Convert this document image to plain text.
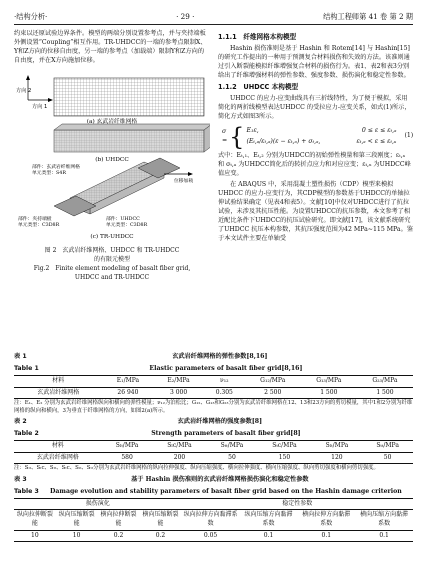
·结构分析·	· 29 ·	结构工程师第 41 卷 第 2 期

约束以还原试验边界条件。模型的两端分别设置参考点，并与夹持端板外侧设置“Coupling”相互作用。TR-UHDCC的一端的参考点限制X、Y和Z方向的位移自由度，另一端的参考点（加载端）限制Y和Z方向的自由度，并在X方向施加位移。

方向 2
方向 1
(a) 玄武岩纤维网格
(b) UHDCC
部件：玄武岩纤维网格
单元类型：S4R
部件：夹持端板
单元类型：C3D8R
部件：UHDCC
单元类型：C3D8R
位移加载
(c) TR-UHDCC
图 2　玄武岩纤维网格、UHDCC 和 TR-UHDCC
的有限元模型
Fig.2　Finite element modeling of basalt fiber grid,
UHDCC and TR-UHDCC
1.1.1　纤维网格本构模型

Hashin 损伤准则是基于 Hashin 和 Rotem[14] 与 Hashin[15] 的研究工作提出的一种用于预测复合材料损伤和失效的方法。该准则通过引入断裂能模拟纤维增强复合材料的损伤行为。表1、表2和表3分别给出了纤维增强材料的弹性参数、强度参数、损伤演化和稳定性参数。

1.1.2　UHDCC 本构模型

UHDCC 的应力-应变曲线具有三折线特性，为了便于模拟，采用简化的两折线模型表达UHDCC 的受拉应力-应变关系，如式(1)所示，简化方式如图3所示。

σ = { E₁ε,	0 ≤ ε ≤ εₜ,ₐ
(Eₜ,ₐ/εₜ,ₐ)(ε − εₜ,ₐ) + σₜ,ₐ,	εₜ,ₐ < ε ≤ εₜ,ᵤ
(1)

式中：Eₜ,₁、Eₜ,₂ 分别为UHDCC的初始弹性模量和第三段刚度；εₜ,ₐ 和 σₜ,ₐ 为UHDCC简化后的转折点应力和对应应变；εₜ,ᵤ 为UHDCC峰值应变。

在 ABAQUS 中，采用混凝土塑性损伤（CDP）模型来模拟 UHDCC 的应力-应变行为，其CDP模型的参数基于UHDCC的单轴拉伸试验结果确定（见表4和表5）。文献[10]中仅对UHDCC进行了抗拉试验，未涉及其抗压性能。为设置UHDCC的抗压参数，本文参考了相近配比条件下UHDCC的抗压试验研究。即文献[17]，该文献系统研究了UHDCC 抗压本构参数，其抗压强度范围为42 MPa~115 MPa。鉴于本文试件主要在单轴受

表 1	玄武岩纤维网格的弹性参数[8,16]
Table 1	Elastic parameters of basalt fiber grid[8,16]
材料	E₁/MPa	E₂/MPa	ν₁₂	G₁₂/MPa	G₁₃/MPa	G₂₃/MPa
玄武岩纤维网格	26 940	3 000	0.305	2 500	1 500	1 500
注：E₁、E₂ 分别为玄武岩纤维网格纵向和横向的弹性模量；ν₁₂为泊松比；G₁₂、G₁₃和G₂₃分别为玄武岩纤维网格在12、13和23方向的剪切模量，其中1和2分别为纤维网格的纵向和横向，3为垂直于纤维网格的方向，如图2(a)所示。
表 2	玄武岩纤维网格的强度参数[8]
Table 2	Strength parameters of basalt fiber grid[8]
材料	Sₗₜ/MPa	Sₗc/MPa	Sₜₜ/MPa	Sₜc/MPa	Sₗₜ/MPa	Sₜₜ/MPa
玄武岩纤维网格	580	200	50	150	120	50
注：Sₗₜ、Sₗc、Sₜₜ、Sₜc、Sₗₜ、Sₜₜ分别为玄武岩纤维网格的纵向拉伸强度、纵向压缩强度、横向拉伸强度、横向压缩强度、纵向剪切强度和横向剪切强度。
表 3	基于 Hashin 损伤准则的玄武岩纤维网格损伤演化和稳定性参数
Table 3	Damage evolution and stability parameters of basalt fiber grid based on the Hashin damage criterion
损伤演化				稳定性参数			
纵向拉伸断裂能	纵向压缩断裂能	横向拉伸断裂能	横向压缩断裂能	纵向拉伸方向黏滞系数	纵向压缩方向黏滞系数	横向拉伸方向黏滞系数	横向压缩方向黏滞系数
10	10	0.2	0.2	0.05	0.1	0.1	0.1
